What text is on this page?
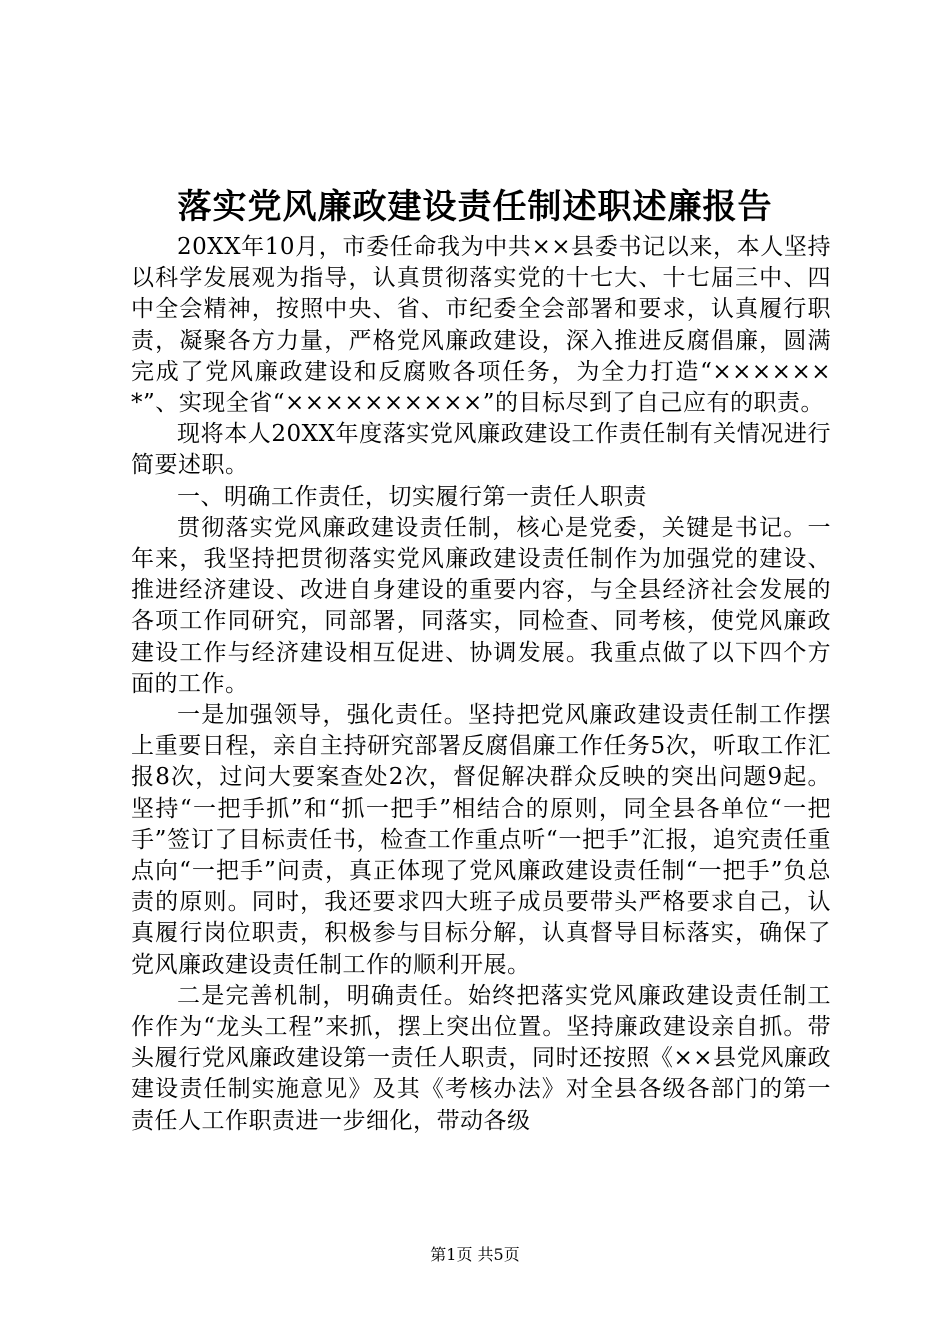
落实党风廉政建设责任制述职述廉报告

20XX年10月，市委任命我为中共××县委书记以来，本人坚持以科学发展观为指导，认真贯彻落实党的十七大、十七届三中、四中全会精神，按照中央、省、市纪委全会部署和要求，认真履行职责，凝聚各方力量，严格党风廉政建设，深入推进反腐倡廉，圆满完成了党风廉政建设和反腐败各项任务，为全力打造“××××××*”、实现全省“××××××××××”的目标尽到了自己应有的职责。

现将本人20XX年度落实党风廉政建设工作责任制有关情况进行简要述职。

一、明确工作责任，切实履行第一责任人职责

贯彻落实党风廉政建设责任制，核心是党委，关键是书记。一年来，我坚持把贯彻落实党风廉政建设责任制作为加强党的建设、推进经济建设、改进自身建设的重要内容，与全县经济社会发展的各项工作同研究，同部署，同落实，同检查、同考核，使党风廉政建设工作与经济建设相互促进、协调发展。我重点做了以下四个方面的工作。

一是加强领导，强化责任。坚持把党风廉政建设责任制工作摆上重要日程，亲自主持研究部署反腐倡廉工作任务5次，听取工作汇报8次，过问大要案查处2次，督促解决群众反映的突出问题9起。坚持“一把手抓”和“抓一把手”相结合的原则，同全县各单位“一把手”签订了目标责任书，检查工作重点听“一把手”汇报，追究责任重点向“一把手”问责，真正体现了党风廉政建设责任制“一把手”负总责的原则。同时，我还要求四大班子成员要带头严格要求自己，认真履行岗位职责，积极参与目标分解，认真督导目标落实，确保了党风廉政建设责任制工作的顺利开展。

二是完善机制，明确责任。始终把落实党风廉政建设责任制工作作为“龙头工程”来抓，摆上突出位置。坚持廉政建设亲自抓。带头履行党风廉政建设第一责任人职责，同时还按照《××县党风廉政建设责任制实施意见》及其《考核办法》对全县各级各部门的第一责任人工作职责进一步细化，带动各级

第1页 共5页
